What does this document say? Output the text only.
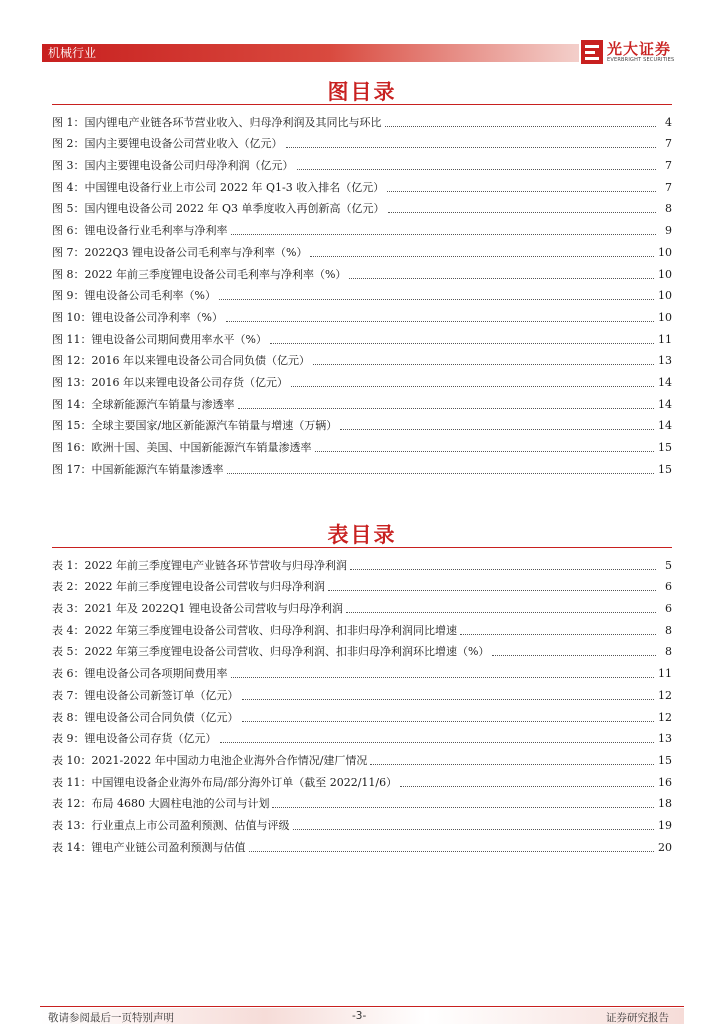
机械行业	光大证券
EVERBRIGHT SECURITIES
图目录
图 1：国内锂电产业链各环节营业收入、归母净利润及其同比与环比	4
图 2：国内主要锂电设备公司营业收入（亿元）	7
图 3：国内主要锂电设备公司归母净利润（亿元）	7
图 4：中国锂电设备行业上市公司 2022 年 Q1-3 收入排名（亿元）	7
图 5：国内锂电设备公司 2022 年 Q3 单季度收入再创新高（亿元）	8
图 6：锂电设备行业毛利率与净利率	9
图 7：2022Q3 锂电设备公司毛利率与净利率（%）	10
图 8：2022 年前三季度锂电设备公司毛利率与净利率（%）	10
图 9：锂电设备公司毛利率（%）	10
图 10：锂电设备公司净利率（%）	10
图 11：锂电设备公司期间费用率水平（%）	11
图 12：2016 年以来锂电设备公司合同负债（亿元）	13
图 13：2016 年以来锂电设备公司存货（亿元）	14
图 14：全球新能源汽车销量与渗透率	14
图 15：全球主要国家/地区新能源汽车销量与增速（万辆）	14
图 16：欧洲十国、美国、中国新能源汽车销量渗透率	15
图 17：中国新能源汽车销量渗透率	15
表目录
表 1：2022 年前三季度锂电产业链各环节营收与归母净利润	5
表 2：2022 年前三季度锂电设备公司营收与归母净利润	6
表 3：2021 年及 2022Q1 锂电设备公司营收与归母净利润	6
表 4：2022 年第三季度锂电设备公司营收、归母净利润、扣非归母净利润同比增速	8
表 5：2022 年第三季度锂电设备公司营收、归母净利润、扣非归母净利润环比增速（%）	8
表 6：锂电设备公司各项期间费用率	11
表 7：锂电设备公司新签订单（亿元）	12
表 8：锂电设备公司合同负债（亿元）	12
表 9：锂电设备公司存货（亿元）	13
表 10：2021-2022 年中国动力电池企业海外合作情况/建厂情况	15
表 11：中国锂电设备企业海外布局/部分海外订单（截至 2022/11/6）	16
表 12：布局 4680 大圆柱电池的公司与计划	18
表 13：行业重点上市公司盈利预测、估值与评级	19
表 14：锂电产业链公司盈利预测与估值	20
敬请参阅最后一页特别声明	-3-	证券研究报告
